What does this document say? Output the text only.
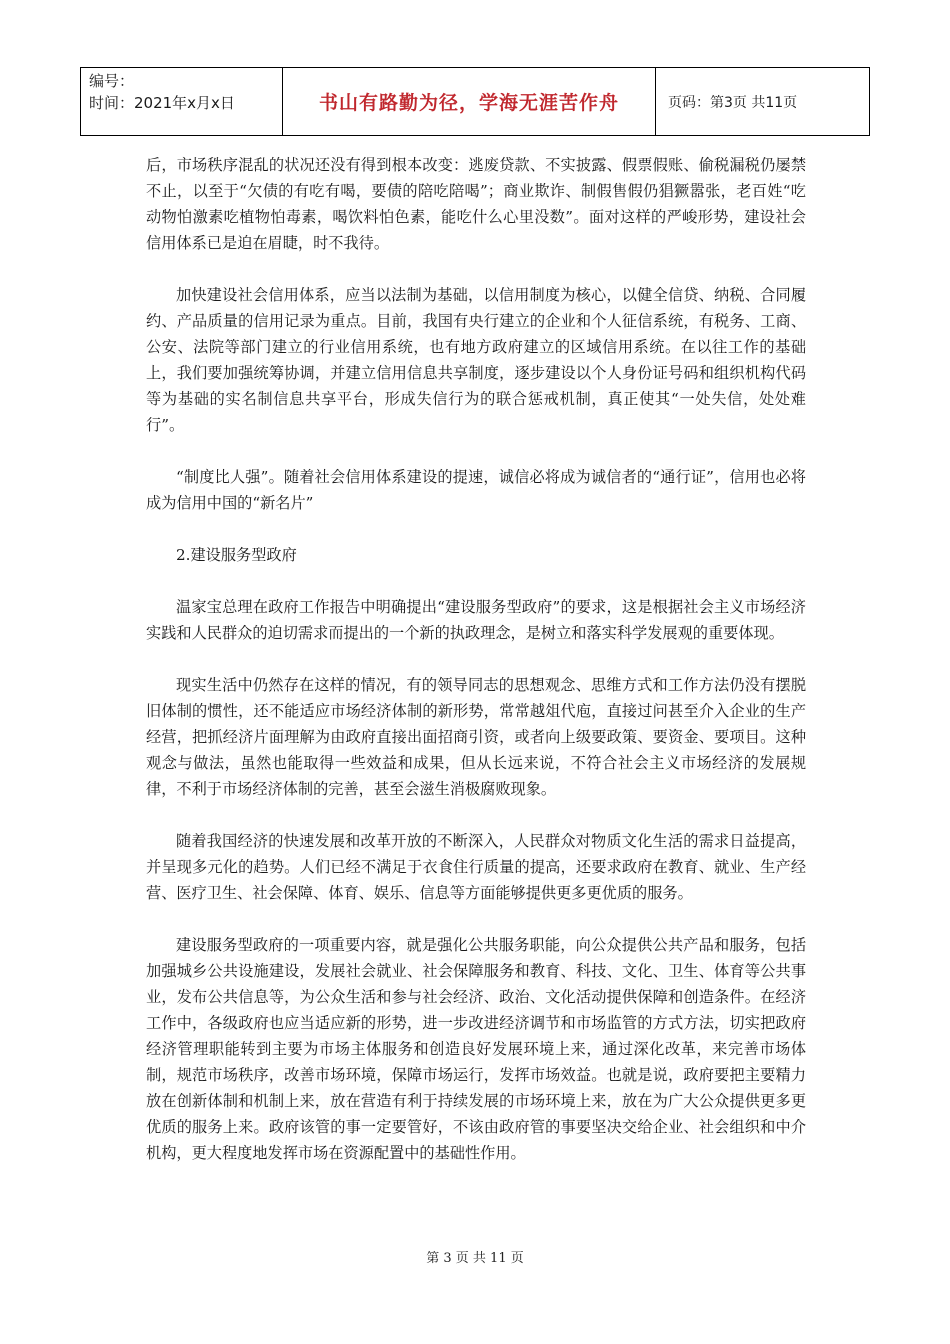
编号：
时间：2021年x月x日	书山有路勤为径，学海无涯苦作舟	页码：第3页 共11页

后，市场秩序混乱的状况还没有得到根本改变：逃废贷款、不实披露、假票假账、偷税漏税仍屡禁不止，以至于“欠债的有吃有喝，要债的陪吃陪喝”；商业欺诈、制假售假仍猖獗嚣张，老百姓“吃动物怕激素吃植物怕毒素，喝饮料怕色素，能吃什么心里没数”。面对这样的严峻形势，建设社会信用体系已是迫在眉睫，时不我待。

加快建设社会信用体系，应当以法制为基础，以信用制度为核心，以健全信贷、纳税、合同履约、产品质量的信用记录为重点。目前，我国有央行建立的企业和个人征信系统，有税务、工商、公安、法院等部门建立的行业信用系统，也有地方政府建立的区域信用系统。在以往工作的基础上，我们要加强统筹协调，并建立信用信息共享制度，逐步建设以个人身份证号码和组织机构代码等为基础的实名制信息共享平台，形成失信行为的联合惩戒机制，真正使其“一处失信，处处难行”。

“制度比人强”。随着社会信用体系建设的提速，诚信必将成为诚信者的“通行证”，信用也必将成为信用中国的“新名片”

2.建设服务型政府

温家宝总理在政府工作报告中明确提出“建设服务型政府”的要求，这是根据社会主义市场经济实践和人民群众的迫切需求而提出的一个新的执政理念，是树立和落实科学发展观的重要体现。

现实生活中仍然存在这样的情况，有的领导同志的思想观念、思维方式和工作方法仍没有摆脱旧体制的惯性，还不能适应市场经济体制的新形势，常常越俎代庖，直接过问甚至介入企业的生产经营，把抓经济片面理解为由政府直接出面招商引资，或者向上级要政策、要资金、要项目。这种观念与做法，虽然也能取得一些效益和成果，但从长远来说，不符合社会主义市场经济的发展规律，不利于市场经济体制的完善，甚至会滋生消极腐败现象。

随着我国经济的快速发展和改革开放的不断深入，人民群众对物质文化生活的需求日益提高，并呈现多元化的趋势。人们已经不满足于衣食住行质量的提高，还要求政府在教育、就业、生产经营、医疗卫生、社会保障、体育、娱乐、信息等方面能够提供更多更优质的服务。

建设服务型政府的一项重要内容，就是强化公共服务职能，向公众提供公共产品和服务，包括加强城乡公共设施建设，发展社会就业、社会保障服务和教育、科技、文化、卫生、体育等公共事业，发布公共信息等，为公众生活和参与社会经济、政治、文化活动提供保障和创造条件。在经济工作中，各级政府也应当适应新的形势，进一步改进经济调节和市场监管的方式方法，切实把政府经济管理职能转到主要为市场主体服务和创造良好发展环境上来，通过深化改革，来完善市场体制，规范市场秩序，改善市场环境，保障市场运行，发挥市场效益。也就是说，政府要把主要精力放在创新体制和机制上来，放在营造有利于持续发展的市场环境上来，放在为广大公众提供更多更优质的服务上来。政府该管的事一定要管好，不该由政府管的事要坚决交给企业、社会组织和中介机构，更大程度地发挥市场在资源配置中的基础性作用。

第 3 页 共 11 页
